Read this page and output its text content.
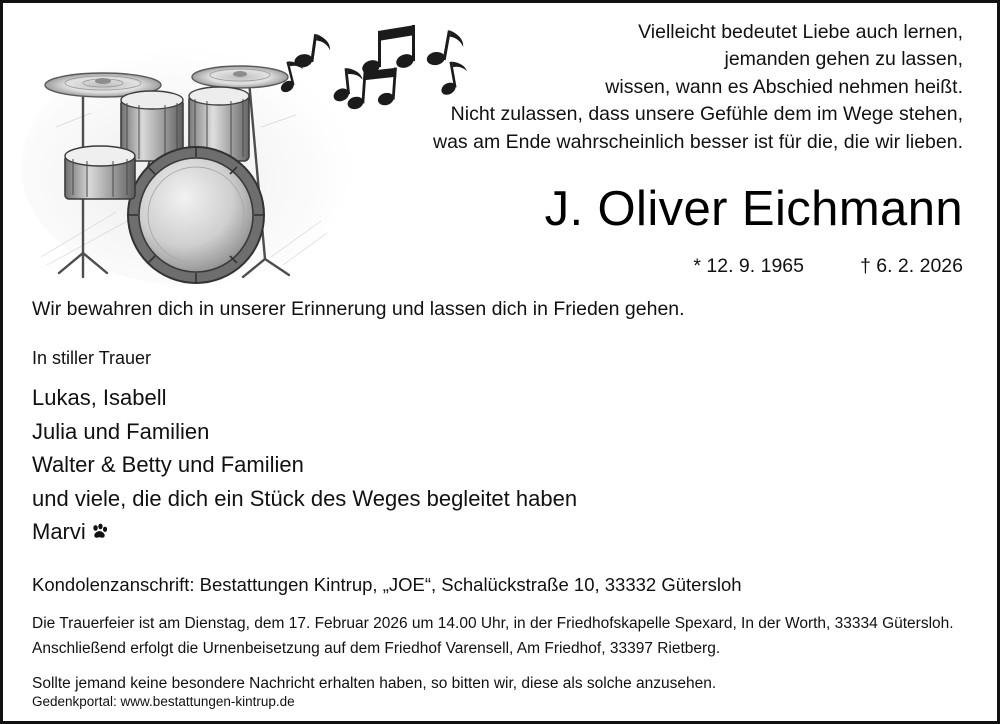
Vielleicht bedeutet Liebe auch lernen,
jemanden gehen zu lassen,
wissen, wann es Abschied nehmen heißt.
Nicht zulassen, dass unsere Gefühle dem im Wege stehen,
was am Ende wahrscheinlich besser ist für die, die wir lieben.
J. Oliver Eichmann
* 12. 9. 1965	† 6. 2. 2026
Wir bewahren dich in unserer Erinnerung und lassen dich in Frieden gehen.
In stiller Trauer
Lukas, Isabell
Julia und Familien
Walter & Betty und Familien
und viele, die dich ein Stück des Weges begleitet haben
Marvi
Kondolenzanschrift: Bestattungen Kintrup, „JOE“, Schalückstraße 10, 33332 Gütersloh
Die Trauerfeier ist am Dienstag, dem 17. Februar 2026 um 14.00 Uhr, in der Friedhofskapelle Spexard, In der Worth, 33334 Gütersloh. Anschließend erfolgt die Urnenbeisetzung auf dem Friedhof Varensell, Am Friedhof, 33397 Rietberg.
Sollte jemand keine besondere Nachricht erhalten haben, so bitten wir, diese als solche anzusehen.
Gedenkportal: www.bestattungen-kintrup.de
